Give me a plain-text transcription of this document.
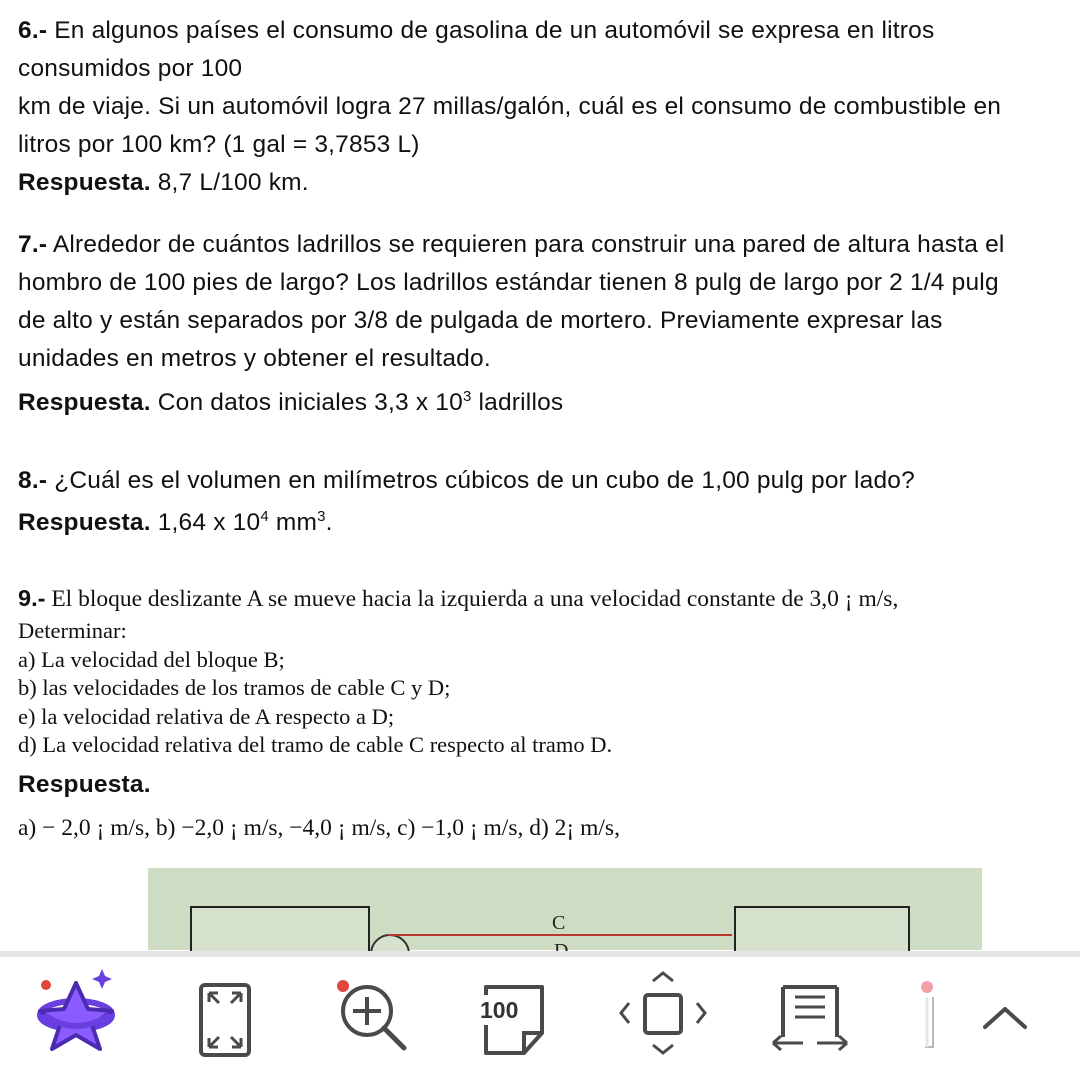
6.- En algunos países el consumo de gasolina de un automóvil se expresa en litros

consumidos por 100

km de viaje. Si un automóvil logra 27 millas/galón, cuál es el consumo de combustible en

litros por 100 km? (1 gal = 3,7853 L)

Respuesta. 8,7 L/100 km.

7.- Alrededor de cuántos ladrillos se requieren para construir una pared de altura hasta el

hombro de 100 pies de largo? Los ladrillos estándar tienen 8 pulg de largo por 2 1/4 pulg

de alto y están separados por 3/8 de pulgada de mortero. Previamente expresar las

unidades en metros y obtener el resultado.

Respuesta. Con datos iniciales 3,3 x $10^3$ ladrillos

8.- ¿Cuál es el volumen en milímetros cúbicos de un cubo de 1,00 pulg por lado?

Respuesta. 1,64 x $10^4$ $mm^3$.

9.- El bloque deslizante A se mueve hacia la izquierda a una velocidad constante de 3,0 ¡ m/s,

Determinar:

a) La velocidad del bloque B;

b) las velocidades de los tramos de cable C y D;

e) la velocidad relativa de A respecto a D;

d) La velocidad relativa del tramo de cable C respecto al tramo D.

Respuesta.

a) − 2,0 ¡ m/s, b) −2,0 ¡ m/s, −4,0 ¡ m/s, c) −1,0 ¡ m/s, d) 2¡ m/s,

C
100
